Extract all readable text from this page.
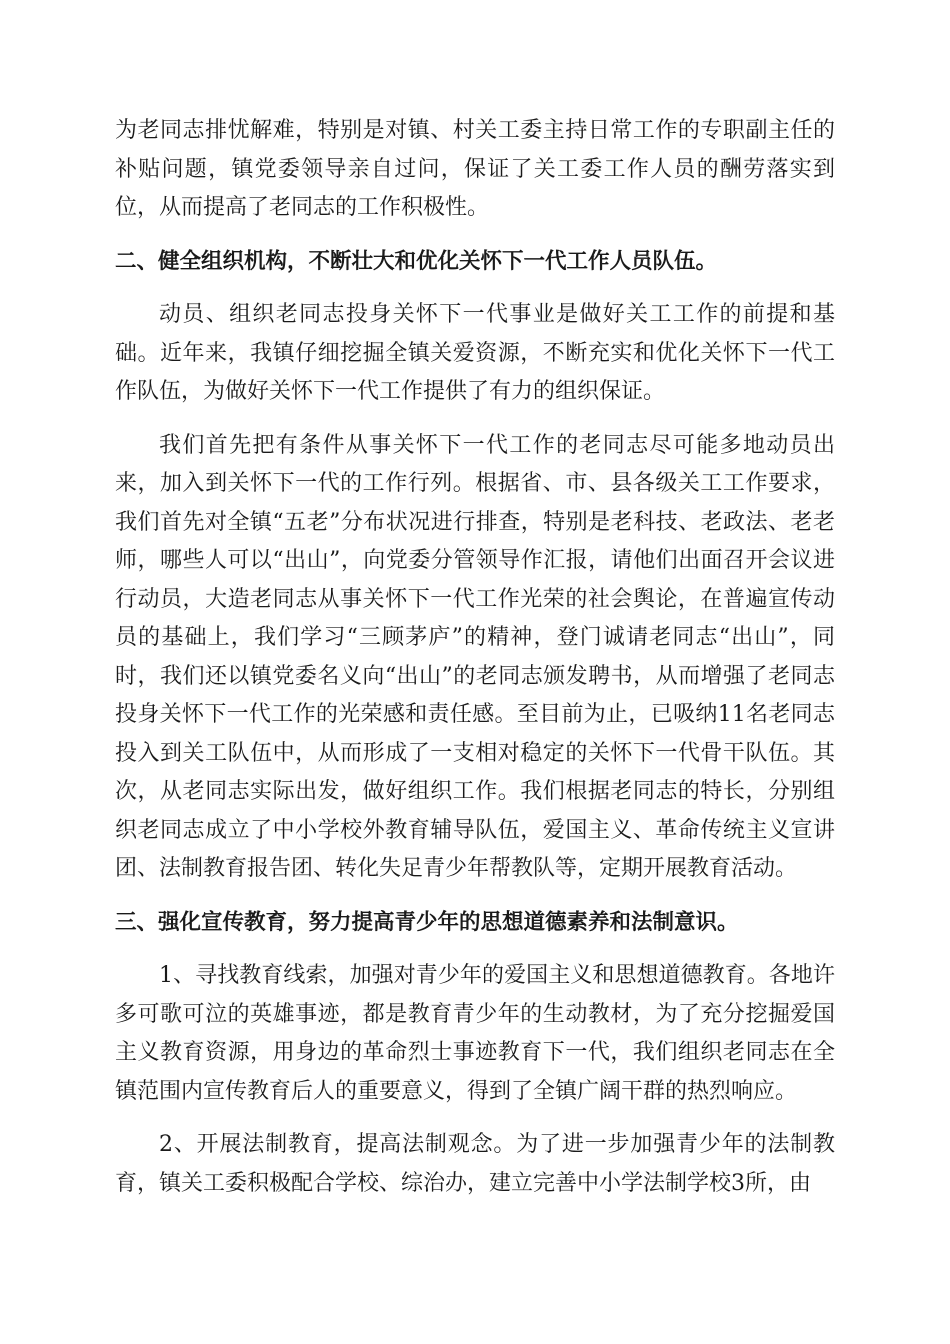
为老同志排忧解难，特别是对镇、村关工委主持日常工作的专职副主任的补贴问题，镇党委领导亲自过问，保证了关工委工作人员的酬劳落实到位，从而提高了老同志的工作积极性。

二、健全组织机构，不断壮大和优化关怀下一代工作人员队伍。

动员、组织老同志投身关怀下一代事业是做好关工工作的前提和基础。近年来，我镇仔细挖掘全镇关爱资源，不断充实和优化关怀下一代工作队伍，为做好关怀下一代工作提供了有力的组织保证。

我们首先把有条件从事关怀下一代工作的老同志尽可能多地动员出来，加入到关怀下一代的工作行列。根据省、市、县各级关工工作要求，我们首先对全镇“五老”分布状况进行排查，特别是老科技、老政法、老老师，哪些人可以“出山”，向党委分管领导作汇报，请他们出面召开会议进行动员，大造老同志从事关怀下一代工作光荣的社会舆论，在普遍宣传动员的基础上，我们学习“三顾茅庐”的精神，登门诚请老同志“出山”，同时，我们还以镇党委名义向“出山”的老同志颁发聘书，从而增强了老同志投身关怀下一代工作的光荣感和责任感。至目前为止，已吸纳11名老同志投入到关工队伍中，从而形成了一支相对稳定的关怀下一代骨干队伍。其次，从老同志实际出发，做好组织工作。我们根据老同志的特长，分别组织老同志成立了中小学校外教育辅导队伍，爱国主义、革命传统主义宣讲团、法制教育报告团、转化失足青少年帮教队等，定期开展教育活动。

三、强化宣传教育，努力提高青少年的思想道德素养和法制意识。

1、寻找教育线索，加强对青少年的爱国主义和思想道德教育。各地许多可歌可泣的英雄事迹，都是教育青少年的生动教材，为了充分挖掘爱国主义教育资源，用身边的革命烈士事迹教育下一代，我们组织老同志在全镇范围内宣传教育后人的重要意义，得到了全镇广阔干群的热烈响应。

2、开展法制教育，提高法制观念。为了进一步加强青少年的法制教育，镇关工委积极配合学校、综治办，建立完善中小学法制学校3所，由
